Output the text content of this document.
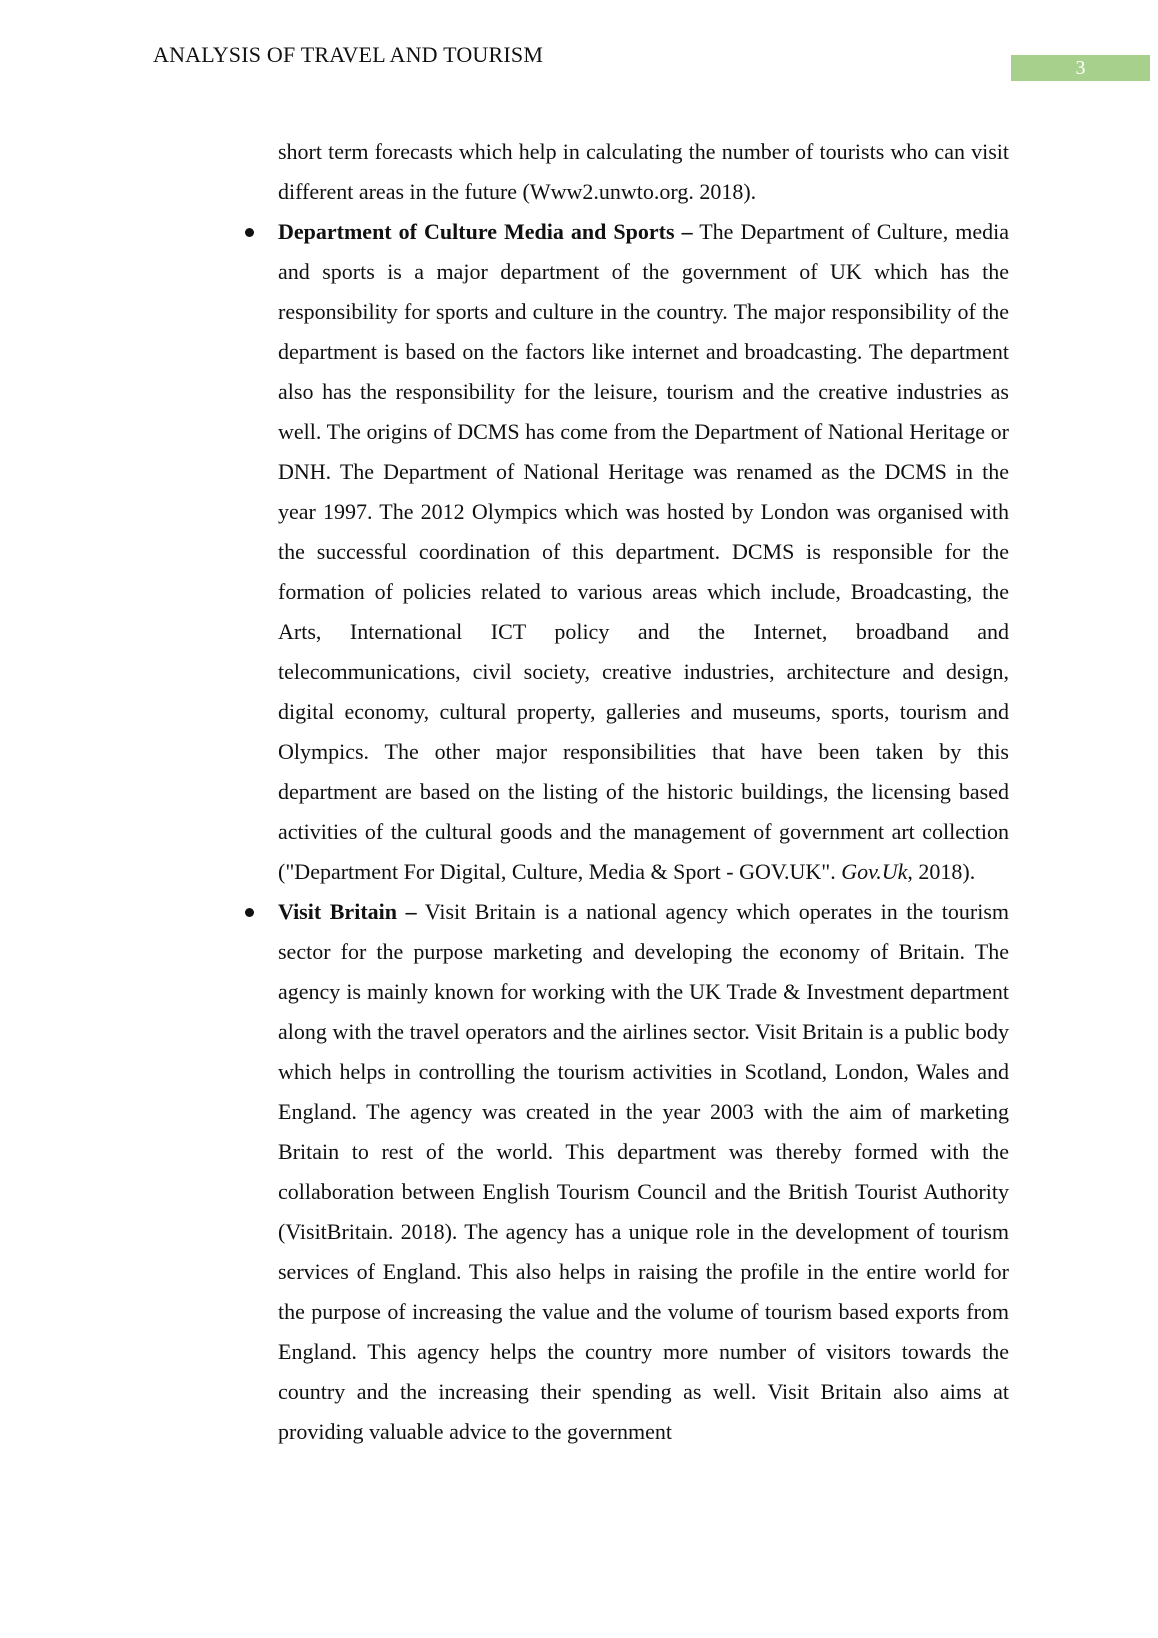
ANALYSIS OF TRAVEL AND TOURISM
3

short term forecasts which help in calculating the number of tourists who can visit different areas in the future (Www2.unwto.org. 2018).

Department of Culture Media and Sports – The Department of Culture, media and sports is a major department of the government of UK which has the responsibility for sports and culture in the country. The major responsibility of the department is based on the factors like internet and broadcasting. The department also has the responsibility for the leisure, tourism and the creative industries as well. The origins of DCMS has come from the Department of National Heritage or DNH. The Department of National Heritage was renamed as the DCMS in the year 1997. The 2012 Olympics which was hosted by London was organised with the successful coordination of this department. DCMS is responsible for the formation of policies related to various areas which include, Broadcasting, the Arts, International ICT policy and the Internet, broadband and telecommunications, civil society, creative industries, architecture and design, digital economy, cultural property, galleries and museums, sports, tourism and Olympics. The other major responsibilities that have been taken by this department are based on the listing of the historic buildings, the licensing based activities of the cultural goods and the management of government art collection ("Department For Digital, Culture, Media & Sport - GOV.UK". Gov.Uk, 2018).
Visit Britain – Visit Britain is a national agency which operates in the tourism sector for the purpose marketing and developing the economy of Britain. The agency is mainly known for working with the UK Trade & Investment department along with the travel operators and the airlines sector. Visit Britain is a public body which helps in controlling the tourism activities in Scotland, London, Wales and England. The agency was created in the year 2003 with the aim of marketing Britain to rest of the world. This department was thereby formed with the collaboration between English Tourism Council and the British Tourist Authority (VisitBritain. 2018). The agency has a unique role in the development of tourism services of England. This also helps in raising the profile in the entire world for the purpose of increasing the value and the volume of tourism based exports from England. This agency helps the country more number of visitors towards the country and the increasing their spending as well. Visit Britain also aims at providing valuable advice to the government
